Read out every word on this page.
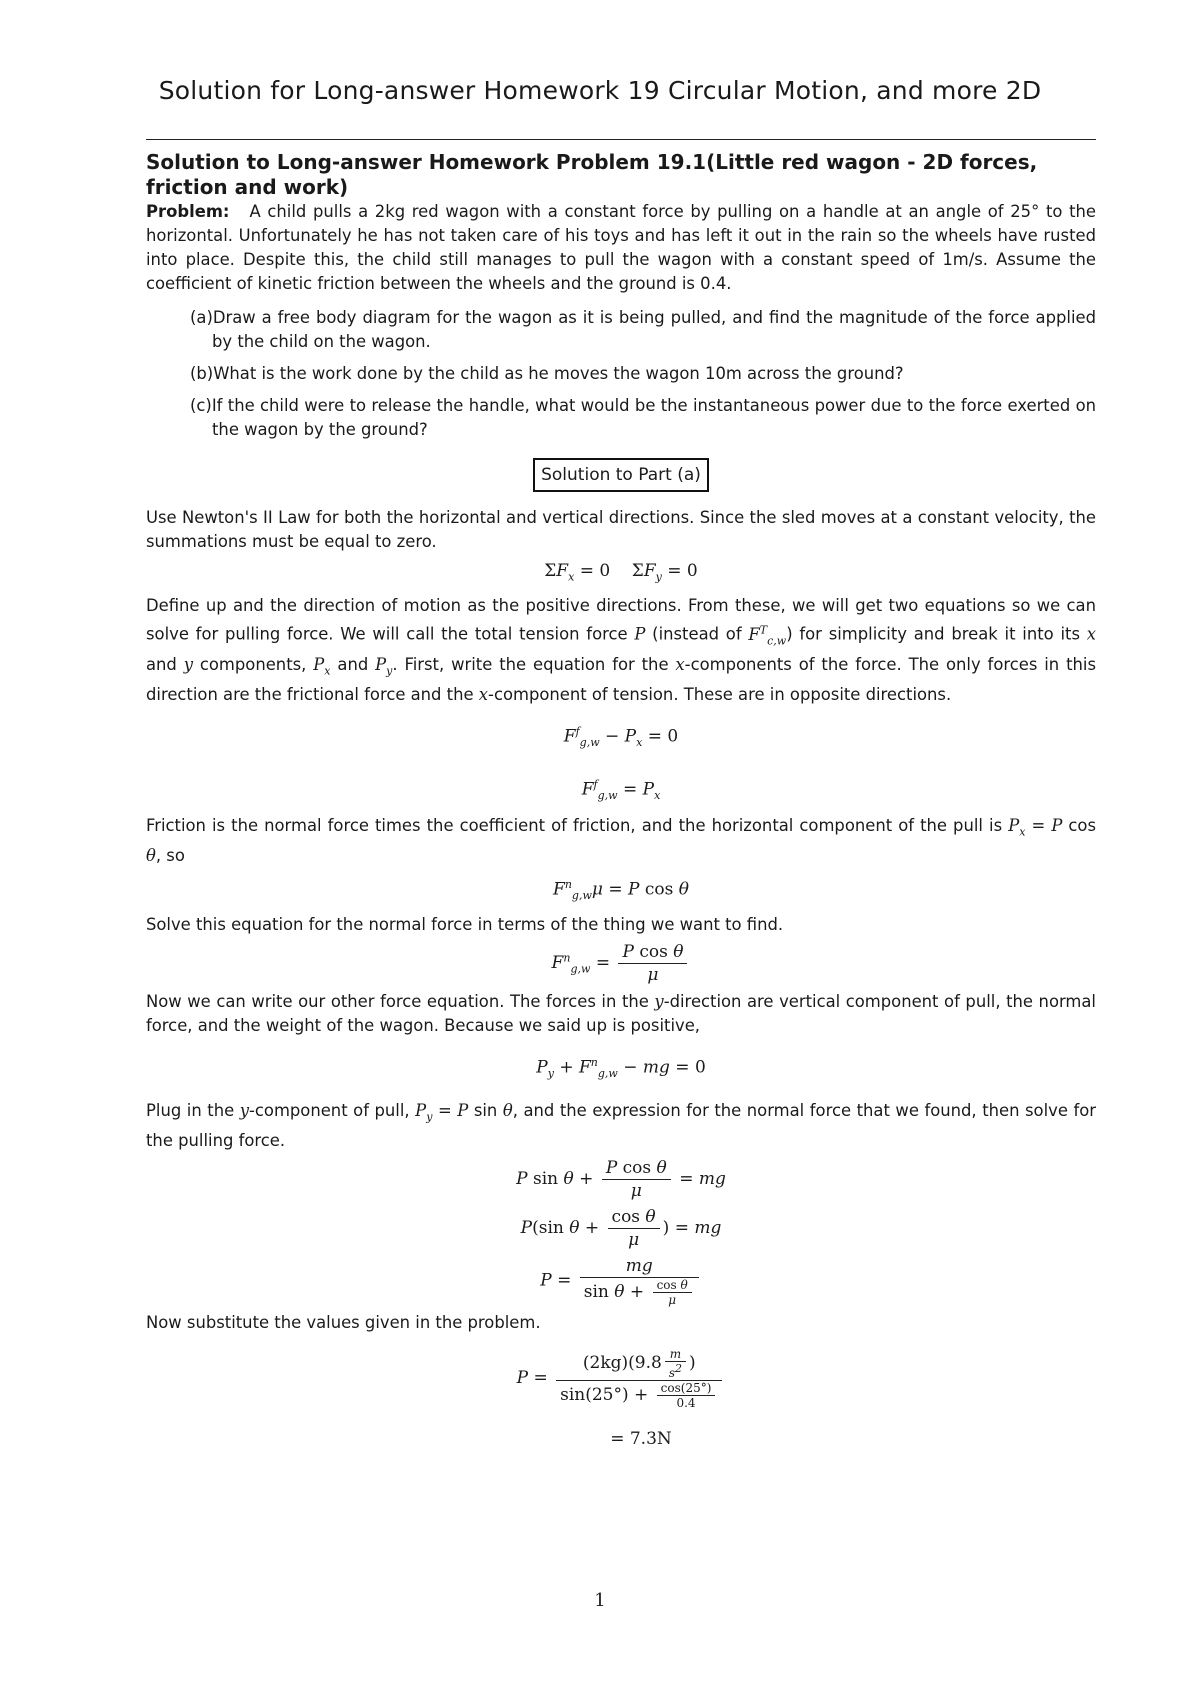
Solution for Long-answer Homework 19 Circular Motion, and more 2D

Solution to Long-answer Homework Problem 19.1(Little red wagon - 2D forces, friction and work)

Problem: A child pulls a 2kg red wagon with a constant force by pulling on a handle at an angle of 25° to the horizontal. Unfortunately he has not taken care of his toys and has left it out in the rain so the wheels have rusted into place. Despite this, the child still manages to pull the wagon with a constant speed of 1m/s. Assume the coefficient of kinetic friction between the wheels and the ground is 0.4.

(a)Draw a free body diagram for the wagon as it is being pulled, and find the magnitude of the force applied by the child on the wagon.

(b)What is the work done by the child as he moves the wagon 10m across the ground?

(c)If the child were to release the handle, what would be the instantaneous power due to the force exerted on the wagon by the ground?

Solution to Part (a)

Use Newton's II Law for both the horizontal and vertical directions. Since the sled moves at a constant velocity, the summations must be equal to zero.

$\Sigma F_x = 0$    $\Sigma F_y = 0$

Define up and the direction of motion as the positive directions. From these, we will get two equations so we can solve for pulling force. We will call the total tension force P (instead of $F^T_{c,w}$) for simplicity and break it into its x and y components, $P_x$ and $P_y$. First, write the equation for the x-components of the force. The only forces in this direction are the frictional force and the x-component of tension. These are in opposite directions.

$F^f_{g,w} - P_x = 0$
$F^f_{g,w} = P_x$

Friction is the normal force times the coefficient of friction, and the horizontal component of the pull is $P_x = P$ cos θ, so

$F^n_{g,w}\mu = P$ cos θ

Solve this equation for the normal force in terms of the thing we want to find.

$F^n_{g,w} = \frac{\text{P cos θ}}{\mu}$

Now we can write our other force equation. The forces in the y-direction are vertical component of pull, the normal force, and the weight of the wagon. Because we said up is positive,

$P_y + F^n_{g,w}$ − mg = 0

Plug in the y-component of pull, $P_y = P$ sin θ, and the expression for the normal force that we found, then solve for the pulling force.

P $\sin \theta + \frac{\text{P cos θ}}{\mu}$ = mg
P(sin $\theta + \frac{\text{cos θ}}{\mu}$ ) = mg
$P = \frac{mg}{\sin \theta + \frac{\text{cos θ}}{\mu}}$

Now substitute the values given in the problem.

$P = \frac{(2kg)(9.8 \frac{m}{s^2} )}{\sin(25^\circ) + \frac{\cos(25^\circ)}{0.4}}$
= 7.3N
1
